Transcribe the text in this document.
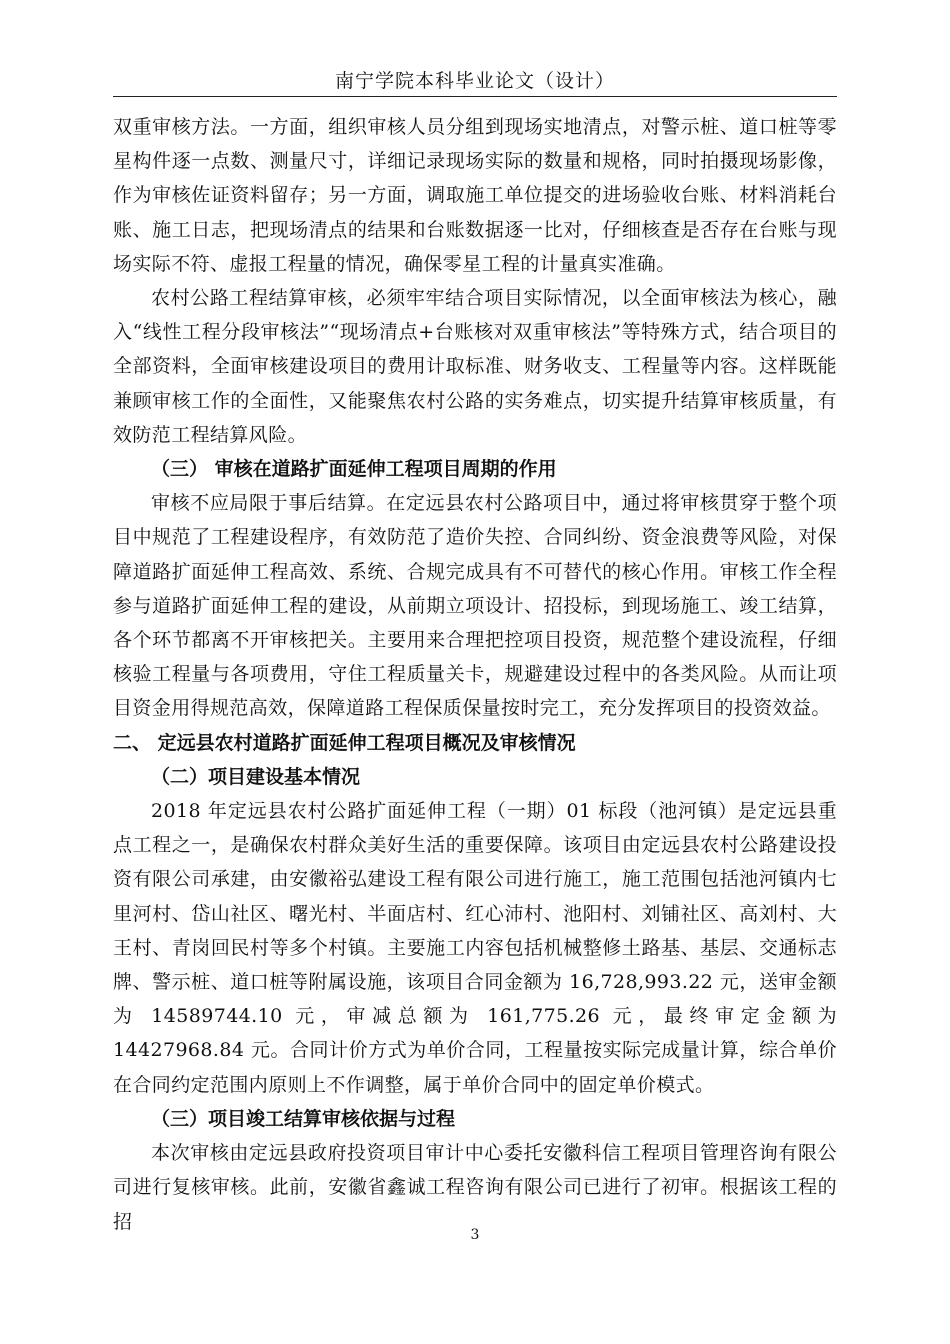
南宁学院本科毕业论文（设计）

双重审核方法。一方面，组织审核人员分组到现场实地清点，对警示桩、道口桩等零星构件逐一点数、测量尺寸，详细记录现场实际的数量和规格，同时拍摄现场影像，作为审核佐证资料留存；另一方面，调取施工单位提交的进场验收台账、材料消耗台账、施工日志，把现场清点的结果和台账数据逐一比对，仔细核查是否存在台账与现场实际不符、虚报工程量的情况，确保零星工程的计量真实准确。

农村公路工程结算审核，必须牢牢结合项目实际情况，以全面审核法为核心，融入“线性工程分段审核法”“现场清点+台账核对双重审核法”等特殊方式，结合项目的全部资料，全面审核建设项目的费用计取标准、财务收支、工程量等内容。这样既能兼顾审核工作的全面性，又能聚焦农村公路的实务难点，切实提升结算审核质量，有效防范工程结算风险。

（三） 审核在道路扩面延伸工程项目周期的作用

审核不应局限于事后结算。在定远县农村公路项目中，通过将审核贯穿于整个项目中规范了工程建设程序，有效防范了造价失控、合同纠纷、资金浪费等风险，对保障道路扩面延伸工程高效、系统、合规完成具有不可替代的核心作用。审核工作全程参与道路扩面延伸工程的建设，从前期立项设计、招投标，到现场施工、竣工结算，各个环节都离不开审核把关。主要用来合理把控项目投资，规范整个建设流程，仔细核验工程量与各项费用，守住工程质量关卡，规避建设过程中的各类风险。从而让项目资金用得规范高效，保障道路工程保质保量按时完工，充分发挥项目的投资效益。

二、 定远县农村道路扩面延伸工程项目概况及审核情况
（二）项目建设基本情况

2018 年定远县农村公路扩面延伸工程（一期）01 标段（池河镇）是定远县重点工程之一，是确保农村群众美好生活的重要保障。该项目由定远县农村公路建设投资有限公司承建，由安徽裕弘建设工程有限公司进行施工，施工范围包括池河镇内七里河村、岱山社区、曙光村、半面店村、红心沛村、池阳村、刘铺社区、高刘村、大王村、青岗回民村等多个村镇。主要施工内容包括机械整修土路基、基层、交通标志牌、警示桩、道口桩等附属设施，该项目合同金额为 16,728,993.22 元，送审金额为 14589744.10 元，审减总额为 161,775.26 元，最终审定金额为 14427968.84 元。合同计价方式为单价合同，工程量按实际完成量计算，综合单价在合同约定范围内原则上不作调整，属于单价合同中的固定单价模式。

（三）项目竣工结算审核依据与过程

本次审核由定远县政府投资项目审计中心委托安徽科信工程项目管理咨询有限公司进行复核审核。此前，安徽省鑫诚工程咨询有限公司已进行了初审。根据该工程的招

3
